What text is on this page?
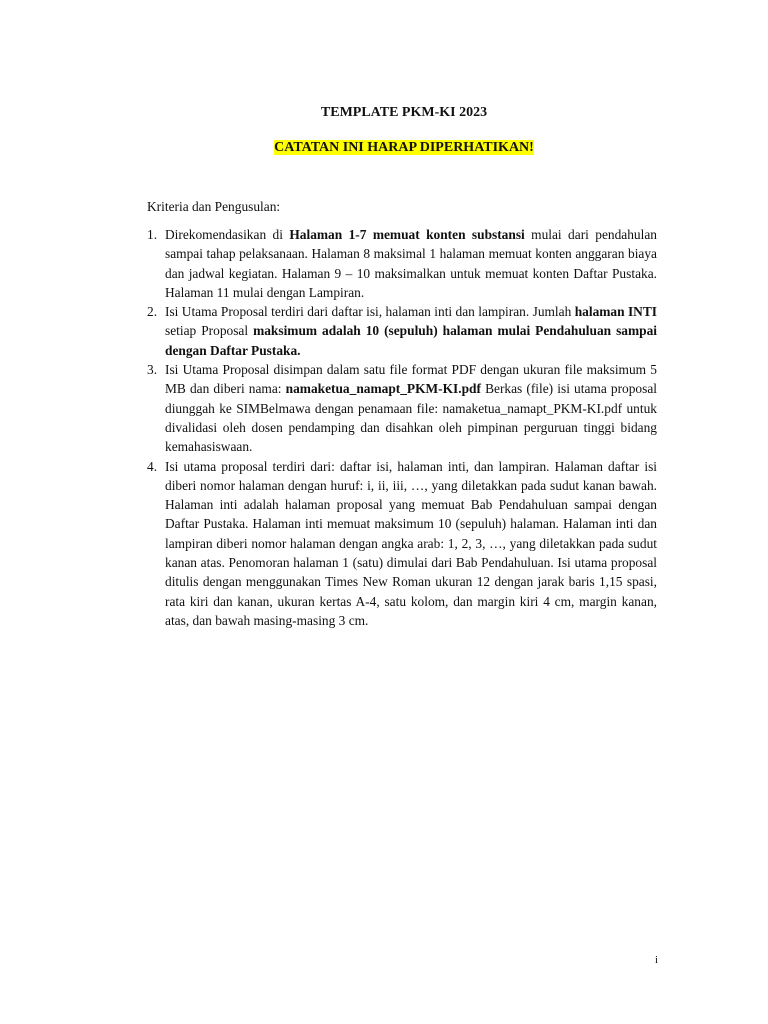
TEMPLATE PKM-KI 2023
CATATAN INI HARAP DIPERHATIKAN!
Kriteria dan Pengusulan:
1. Direkomendasikan di Halaman 1-7 memuat konten substansi mulai dari pendahulan sampai tahap pelaksanaan. Halaman 8 maksimal 1 halaman memuat konten anggaran biaya dan jadwal kegiatan. Halaman 9 – 10 maksimalkan untuk memuat konten Daftar Pustaka. Halaman 11 mulai dengan Lampiran.
2. Isi Utama Proposal terdiri dari daftar isi, halaman inti dan lampiran. Jumlah halaman INTI setiap Proposal maksimum adalah 10 (sepuluh) halaman mulai Pendahuluan sampai dengan Daftar Pustaka.
3. Isi Utama Proposal disimpan dalam satu file format PDF dengan ukuran file maksimum 5 MB dan diberi nama: namaketua_namapt_PKM-KI.pdf Berkas (file) isi utama proposal diunggah ke SIMBelmawa dengan penamaan file: namaketua_namapt_PKM-KI.pdf untuk divalidasi oleh dosen pendamping dan disahkan oleh pimpinan perguruan tinggi bidang kemahasiswaan.
4. Isi utama proposal terdiri dari: daftar isi, halaman inti, dan lampiran. Halaman daftar isi diberi nomor halaman dengan huruf: i, ii, iii, …, yang diletakkan pada sudut kanan bawah. Halaman inti adalah halaman proposal yang memuat Bab Pendahuluan sampai dengan Daftar Pustaka. Halaman inti memuat maksimum 10 (sepuluh) halaman. Halaman inti dan lampiran diberi nomor halaman dengan angka arab: 1, 2, 3, …, yang diletakkan pada sudut kanan atas. Penomoran halaman 1 (satu) dimulai dari Bab Pendahuluan. Isi utama proposal ditulis dengan menggunakan Times New Roman ukuran 12 dengan jarak baris 1,15 spasi, rata kiri dan kanan, ukuran kertas A-4, satu kolom, dan margin kiri 4 cm, margin kanan, atas, dan bawah masing-masing 3 cm.
i
